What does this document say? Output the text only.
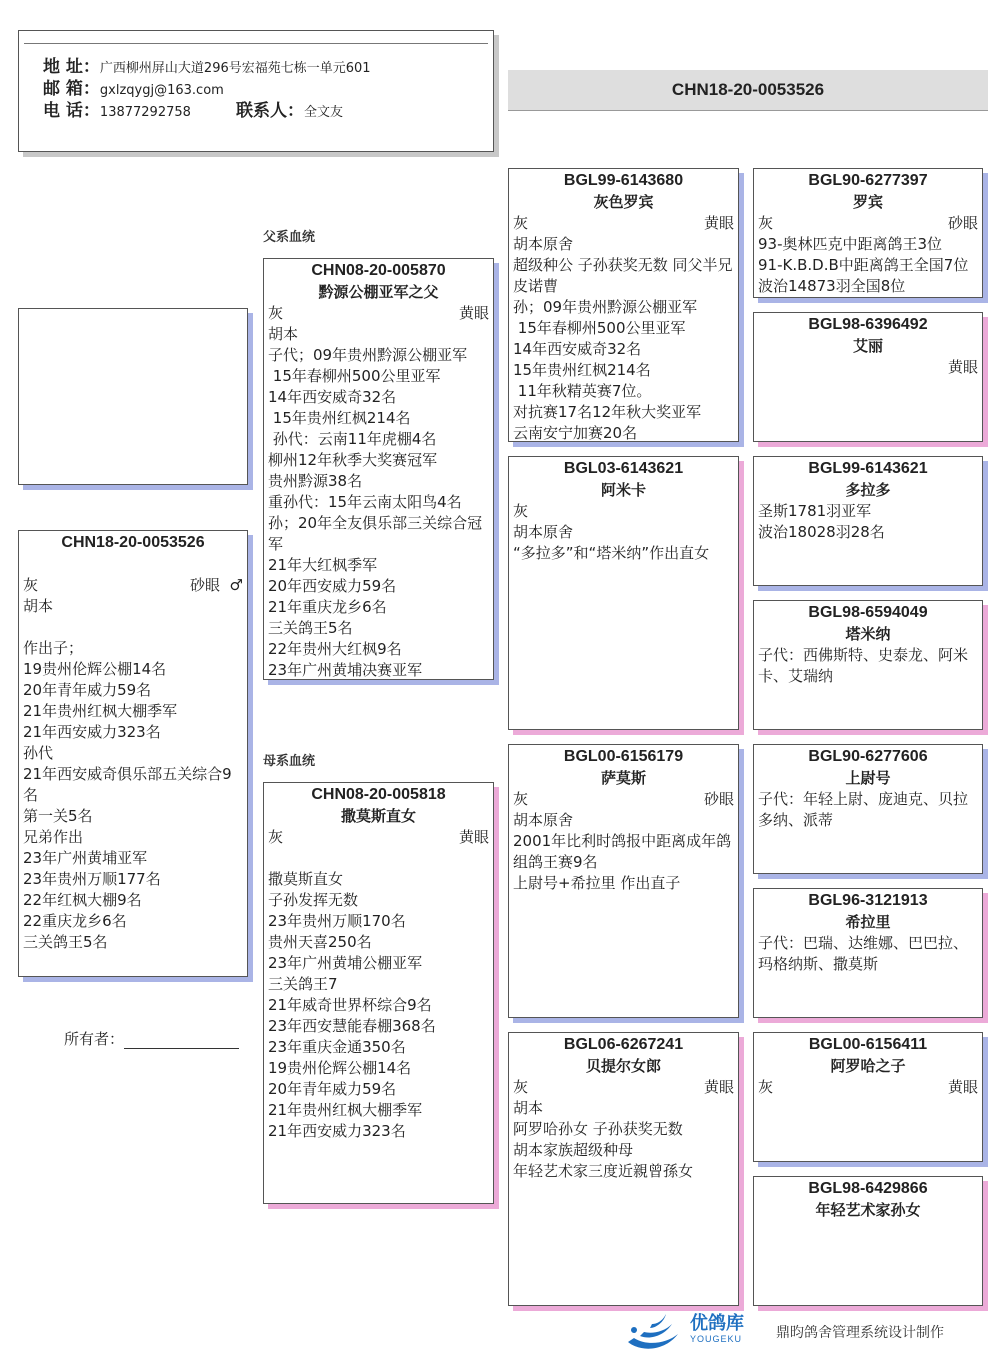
地 址：广西柳州屏山大道296号宏福苑七栋一单元601
邮 箱：gxlzqygj@163.com
电 话：13877292758	联系人：全文友
CHN18-20-0053526
CHN18-20-0053526
灰	砂眼 ♂
胡本
作出子；
19贵州伦辉公棚14名
20年青年威力59名
21年贵州红枫大棚季军
21年西安威力323名
孙代
21年西安威奇俱乐部五关综合9名
第一关5名
兄弟作出
23年广州黄埔亚军
23年贵州万顺177名
22年红枫大棚9名
22重庆龙乡6名
三关鸽王5名
父系血统
母系血统
所有者：
CHN08-20-005870
黔源公棚亚军之父
灰	黄眼
胡本
子代；09年贵州黔源公棚亚军
15年春柳州500公里亚军
14年西安威奇32名
15年贵州红枫214名
孙代：云南11年虎棚4名
柳州12年秋季大奖赛冠军
贵州黔源38名
重孙代：15年云南太阳鸟4名
孙；20年全友俱乐部三关综合冠军
21年大红枫季军
20年西安威力59名
21年重庆龙乡6名
三关鸽王5名
22年贵州大红枫9名
23年广州黄埔决赛亚军
CHN08-20-005818
撒莫斯直女
灰	黄眼
撒莫斯直女
子孙发挥无数
23年贵州万顺170名
贵州天喜250名
23年广州黄埔公棚亚军
三关鸽王7
21年威奇世界杯综合9名
23年西安慧能春棚368名
23年重庆金通350名
19贵州伦辉公棚14名
20年青年威力59名
21年贵州红枫大棚季军
21年西安威力323名
BGL99-6143680
灰色罗宾
灰	黄眼
胡本原舍
超级种公 子孙获奖无数 同父半兄皮诺曹
孙；09年贵州黔源公棚亚军
15年春柳州500公里亚军
14年西安威奇32名
15年贵州红枫214名
11年秋精英赛7位。
对抗赛17名12年秋大奖亚军
云南安宁加赛20名
BGL03-6143621
阿米卡
灰
胡本原舍
“多拉多”和“塔米纳”作出直女
BGL00-6156179
萨莫斯
灰	砂眼
胡本原舍
2001年比利时鸽报中距离成年鸽组鸽王赛9名
上尉号+希拉里 作出直子
BGL06-6267241
贝提尔女郎
灰	黄眼
胡本
阿罗哈孙女 子孙获奖无数
胡本家族超级种母
年轻艺术家三度近親曾孫女
BGL90-6277397
罗宾
灰	砂眼
93-奥林匹克中距离鸽王3位
91-K.B.D.B中距离鸽王全国7位
波治14873羽全国8位
BGL98-6396492
艾丽
黄眼
BGL99-6143621
多拉多
圣斯1781羽亚军
波治18028羽28名
BGL98-6594049
塔米纳
子代：西佛斯特、史泰龙、阿米卡、艾瑞纳
BGL90-6277606
上尉号
子代：年轻上尉、庞迪克、贝拉多纳、派蒂
BGL96-3121913
希拉里
子代：巴瑞、达维娜、巴巴拉、玛格纳斯、撒莫斯
BGL00-6156411
阿罗哈之子
灰	黄眼
BGL98-6429866
年轻艺术家孙女
优鸽库
YOUGEKU 鼎昀鸽舍管理系统设计制作
